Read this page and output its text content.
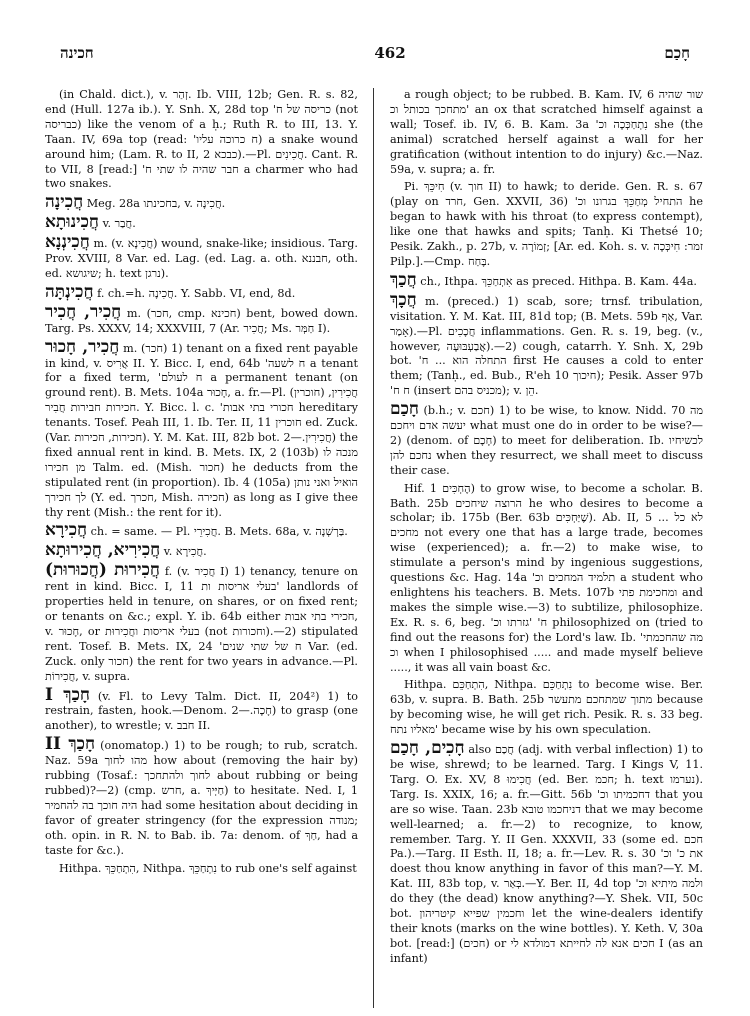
חכינה	462	חָכַם

(in Chald. dict.), v. זְהַר. Ib. VIII, 12b; Gen. R. s. 82, end (Hull. 127a ib.). Y. Snh. X, 28d top 'כריסה של ח (not כבריסה) like the venom of a ḥ.; Ruth R. to III, 13. Y. Taan. IV, 69a top (read: 'ח כרוכה עליו) a snake wound around him; (Lam. R. to II, 2 כבכא).—Pl. חֲכִינִים. Cant. R. to VII, 8 [read:] 'חבר שהיה לו שתי ח a charmer who had two snakes.

חֲכִינָה Meg. 28a בחכינתו, v. חֲכִינָה.

חֲכִינוּתָא v. חֲבַר.

חֲכִינְנָא m. (v. חֲכִינָא) wound, snake-like; insidious. Targ. Prov. XVIII, 8 Var. ed. Lag. (ed. Lag. a. oth. חבננא, oth. ed. שיגושא; h. text נרגן).

חֲכִינְתָּה f. ch.=h. חֲכִינָה. Y. Sabb. VI, end, 8d.

חֲכִיר, חֲכִיר m. (חכר, cmp. חכינא) bent, bowed down. Targ. Ps. XXXV, 14; XXXVIII, 7 (Ar. חֲכִיר; Ms. חַמְּר I).

חֲכִיר, חָכוּר m. (חכר) 1) tenant on a fixed rent payable in kind, v. אֲרִיס II. Y. Bicc. I, end, 64b 'ח לשעה a tenant for a fixed term, 'ח לעולם a permanent tenant (on ground rent). B. Mets. 104a חָכוּר, a. fr.—Pl. חֲכִירִין, (חוכרין) חכירות חבירות חֲבִיר. Y. Bicc. l. c. 'חכורי בתי אבות hereditary tenants. Tosef. Peah III, 1. Ib. Ter. II, 11 חוכרין ed. Zuck. (Var. חכירות, חכירות). Y. M. Kat. III, 82b bot. חֲכִירִין.—2) the fixed annual rent in kind. B. Mets. IX, 2 (103b) מנכה לו מן חכירו Talm. ed. (Mish. חכור) he deducts from the stipulated rent (in proportion). Ib. 4 (105a) הואיל ואני נותן לך חכירך (Y. ed. חכרך, Mish. חכירה) as long as I give thee thy rent (Mish.: the rent for it).

חֲכִירָא ch. = same. — Pl. חֲכִירֵי. B. Mets. 68a, v. בַּרְשְׁנָה.

חֲכִירִיא, חֲכִירוּתָא v. חֲכִירָא.

חֲכִירוּת (חֲכוּרוּת) f. (v. חֲכִיר I) 1) tenancy, tenure on rent in kind. Bicc. I, 11 בעלי אריסות ות' landlords of properties held in tenure, on shares, or on fixed rent; or tenants on &c.; expl. Y. ib. 64b either חכירי בתי אבות, v. חָכוּר, or בעלי אריסות וחֲכִירוּת (not וחכורות).—2) stipulated rent. Tosef. B. Mets. IX, 24 'ח של שתי שנים Var. (ed. Zuck. only חכור) the rent for two years in advance.—Pl. חֲכִירוֹת, v. supra.

I חָכַךְ (v. Fl. to Levy Talm. Dict. II, 204²) 1) to restrain, fasten, hook.—Denom. חָכָה.—2) to grasp (one another), to wrestle; v. חבב II.

II חָכַךְ (onomatop.) 1) to be rough; to rub, scratch. Naz. 59a מהו לחוך how about (removing the hair by) rubbing (Tosaf.: לחוך ולהתחכך about rubbing or being rubbed)?—2) (cmp. חרש, a. חַיְּיךְ) to hesitate. Ned. I, 1 היה חוכך בה להחמיר had some hesitation about deciding in favor of greater stringency (for the expression מנודה; oth. opin. in R. N. to Bab. ib. 7a: denom. of חַךְ, had a taste for &c.).

Hithpa. הִתְחַכֵּךְ, Nithpa. נִתְחַכֵּךְ to rub one's self against

a rough object; to be rubbed. B. Kam. IV, 6 שור שהיה 'מתחכך בכותל וכ an ox that scratched himself against a wall; Tosef. ib. IV, 6. B. Kam. 3a 'נִתְחַכְּכָה וכ she (the animal) scratched herself against a wall for her gratification (without intention to do injury) &c.—Naz. 59a, v. supra; a. fr.

Pi. חִיכֵּךְ (v. חוך II) to hawk; to deride. Gen. R. s. 67 (play on חרד, Gen. XXVII, 36) 'התחיל מְחַכֵּךְ בגרונו וכ he began to hawk with his throat (to express contempt), like one that hawks and spits; Tanḥ. Ki Thetsé 10; Pesik. Zakh., p. 27b, v. זְמוֹרָה; [Ar. ed. Koh. s. v. זמר: חִיכְּכָה Pilp.].—Cmp. בָּחַח.

חֲכַךְ ch., Ithpa. אִתְחַכֵּךְ as preced. Hithpa. B. Kam. 44a.

חֲכָךְ m. (preced.) 1) scab, sore; trnsf. tribulation, visitation. Y. M. Kat. III, 81d top; (B. Mets. 59b אַף, Var. אָמַר).—Pl. חֲכָכִים inflammations. Gen. R. s. 19, beg. (v., however, אֲבַעְבּוּעָה).—2) cough, catarrh. Y. Snh. X, 29b bot. 'התחלה הוא ... ח first He causes a cold to enter them; (Tanḥ., ed. Bub., R'eh 10 חיכוך); Pesik. Asser 97b 'ח ח (insert מכניס בהם); v. הֵן.

חָכַם (b.h.; v. חכם) 1) to be wise, to know. Nidd. 70 מה יעשה אדם ויחכם what must one do in order to be wise?—2) (denom. of חָכָם) to meet for deliberation. Ib. לכשיחיו נחכם להן when they resurrect, we shall meet to discuss their case.

Hif. הֶחְכִּים 1) to grow wise, to become a scholar. B. Bath. 25b הרוצה שיחכים he who desires to become a scholar; ib. 175b (Ber. 63b שֶׁיַּחְכִּים). Ab. II, 5 ... לא כל מחכים not every one that has a large trade, becomes wise (experienced); a. fr.—2) to make wise, to stimulate a person's mind by ingenious suggestions, questions &c. Hag. 14a 'תלמיד המחכים וכ a student who enlightens his teachers. B. Mets. 107b ומחכימת פתי and makes the simple wise.—3) to subtilize, philosophize. Ex. R. s. 6, beg. 'ח' 'גזרתו וכ philosophized on (tried to find out the reasons for) the Lord's law. Ib. 'מה שהחכמתי וכ when I philosophised ..... and made myself believe ....., it was all vain boast &c.

Hithpa. הִתְחַכֵּם, Nithpa. נִתְחַכֵּם to become wise. Ber. 63b, v. supra. B. Bath. 25b מתוך שמתחכם מתעשר because by becoming wise, he will get rich. Pesik. R. s. 33 beg. מאליו נתח' became wise by his own speculation.

חָכִים, חָכַם also חֲכַם (adj. with verbal inflection) 1) to be wise, shrewd; to be learned. Targ. I Kings V, 11. Targ. O. Ex. XV, 8 חֲכִימוּ (ed. Ber. חכמ; h. text נערמו). Targ. Is. XXIX, 16; a. fr.—Gitt. 56b 'דחכמיתו וכ that you are so wise. Taan. 23b דניחכמו טובא that we may become well-learned; a. fr.—2) to recognize, to know, remember. Targ. Y. II Gen. XXXVII, 33 (some ed. חכם Pa.).—Targ. II Esth. II, 18; a. fr.—Lev. R. s. 30 'את כ' וכ doest thou know anything in favor of this man?—Y. M. Kat. III, 83b top, v. בְּאַר.—Y. Ber. II, 4d top 'ולמה מיתיא וכ do they (the dead) know anything?—Y. Shek. VII, 50c bot. וחכמין שפייא קיטריהון let the wine-dealers identify their knots (marks on the wine bottles). Y. Keth. V, 30a bot. [read:] (חכים) or חכים אנא לה לחייתא דמולדא לי I (as an infant)
